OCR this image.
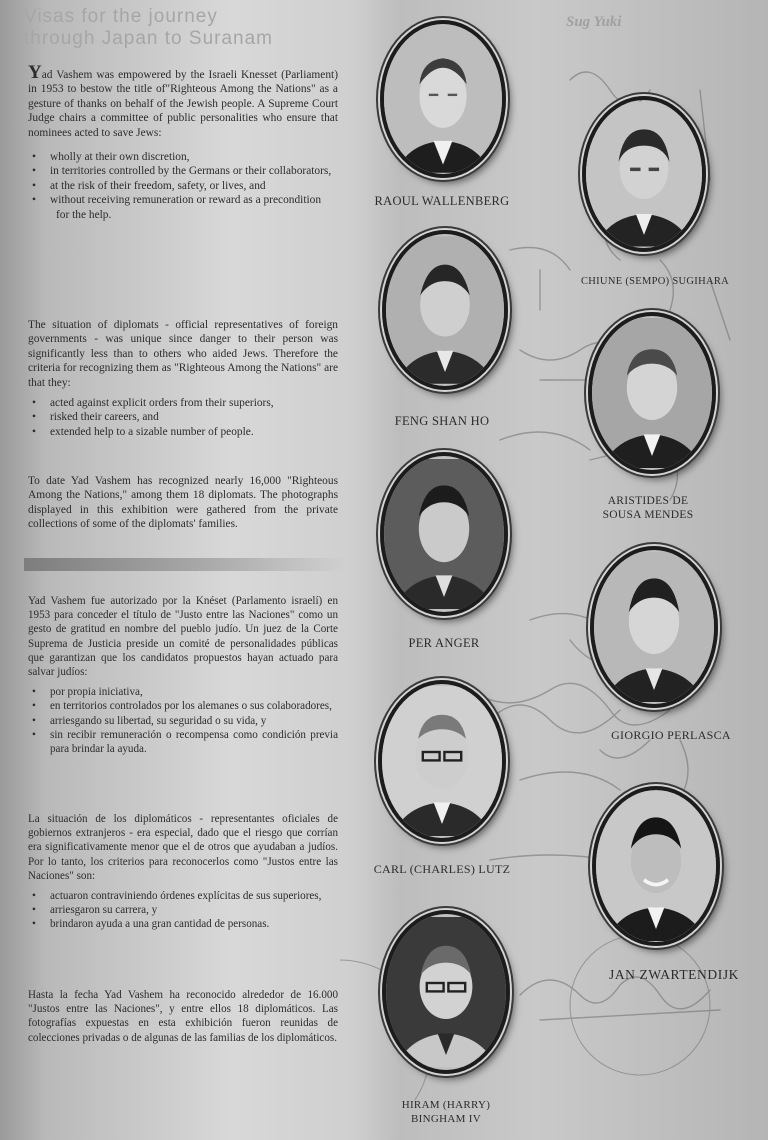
Visas for the journey
through Japan to Suranam
Sug Yuki

Yad Vashem was empowered by the Israeli Knesset (Parliament) in 1953 to bestow the title of"Righteous Among the Nations" as a gesture of thanks on behalf of the Jewish people. A Supreme Court Judge chairs a committee of public personalities who ensure that nominees acted to save Jews:

• wholly at their own discretion,
• in territories controlled by the Germans or their collaborators,
• at the risk of their freedom, safety, or lives, and
• without receiving remuneration or reward as a precondition
for the help.

The situation of diplomats - official representatives of foreign governments - was unique since danger to their person was significantly less than to others who aided Jews. Therefore the criteria for recognizing them as "Righteous Among the Nations" are that they:

• acted against explicit orders from their superiors,
• risked their careers, and
• extended help to a sizable number of people.

To date Yad Vashem has recognized nearly 16,000 "Righteous Among the Nations," among them 18 diplomats. The photographs displayed in this exhibition were gathered from the private collections of some of the diplomats' families.

Yad Vashem fue autorizado por la Knéset (Parlamento israelí) en 1953 para conceder el título de "Justo entre las Naciones" como un gesto de gratitud en nombre del pueblo judío. Un juez de la Corte Suprema de Justicia preside un comité de personalidades públicas que garantizan que los candidatos propuestos hayan actuado para salvar judíos:

• por propia iniciativa,
• en territorios controlados por los alemanes o sus colaboradores,
• arriesgando su libertad, su seguridad o su vida, y
• sin recibir remuneración o recompensa como condición previa para brindar la ayuda.

La situación de los diplomáticos - representantes oficiales de gobiernos extranjeros - era especial, dado que el riesgo que corrían era significativamente menor que el de otros que ayudaban a judíos. Por lo tanto, los criterios para reconocerlos como "Justos entre las Naciones" son:

• actuaron contraviniendo órdenes explícitas de sus superiores,
• arriesgaron su carrera, y
• brindaron ayuda a una gran cantidad de personas.

Hasta la fecha Yad Vashem ha reconocido alrededor de 16.000 "Justos entre las Naciones", y entre ellos 18 diplomáticos. Las fotografías expuestas en esta exhibición fueron reunidas de colecciones privadas o de algunas de las familias de los diplomáticos.

RAOUL WALLENBERG
CHIUNE (SEMPO) SUGIHARA
FENG SHAN HO
ARISTIDES DE
SOUSA MENDES
PER ANGER
GIORGIO PERLASCA
CARL (CHARLES) LUTZ
JAN ZWARTENDIJK
HIRAM (HARRY)
BINGHAM IV
